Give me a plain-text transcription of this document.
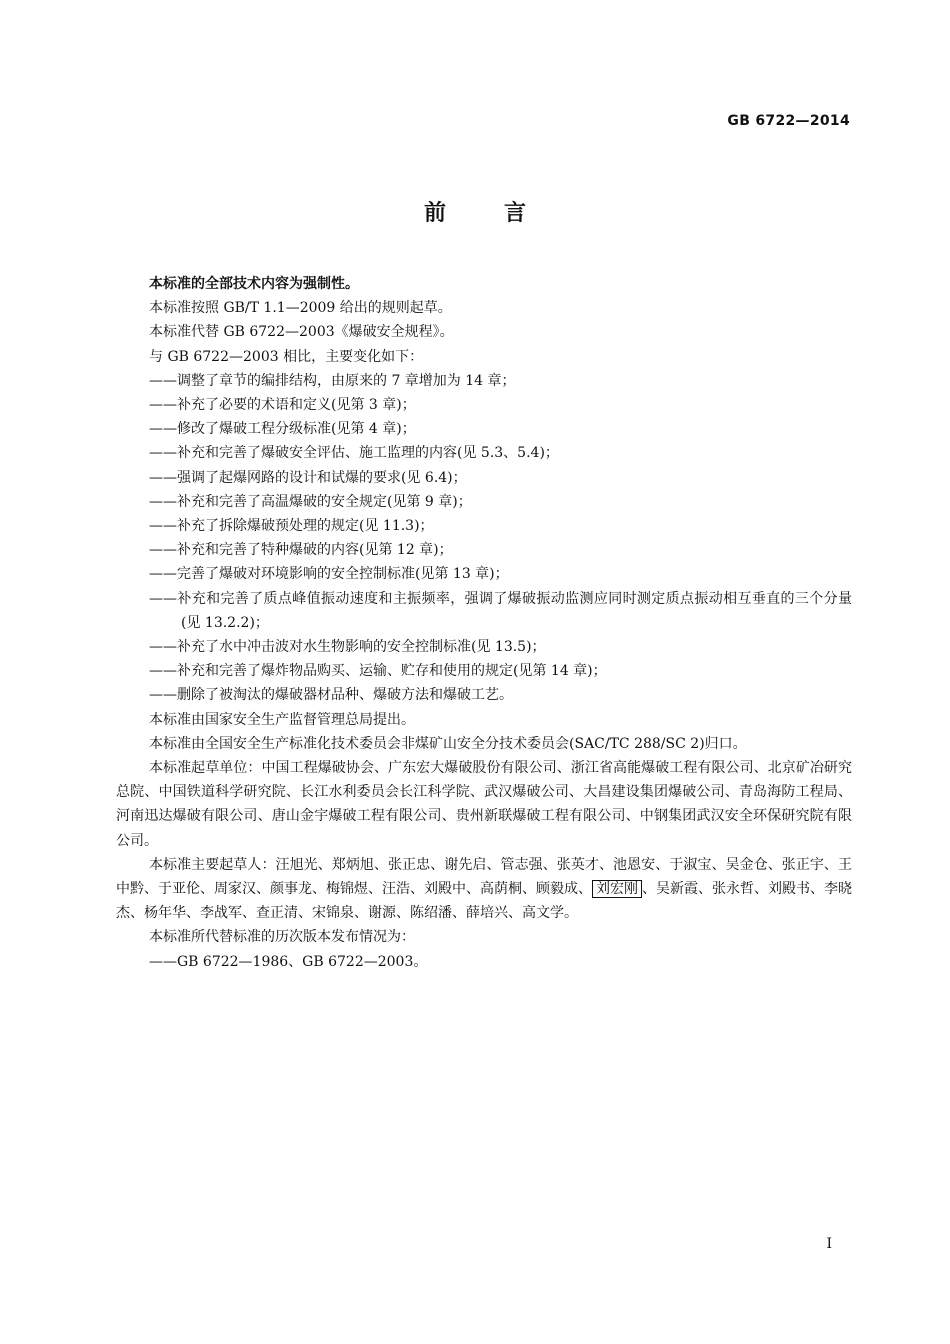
GB 6722—2014
前	言
本标准的全部技术内容为强制性。
本标准按照 GB/T 1.1—2009 给出的规则起草。
本标准代替 GB 6722—2003《爆破安全规程》。
与 GB 6722—2003 相比，主要变化如下：
——调整了章节的编排结构，由原来的 7 章增加为 14 章；
——补充了必要的术语和定义(见第 3 章)；
——修改了爆破工程分级标准(见第 4 章)；
——补充和完善了爆破安全评估、施工监理的内容(见 5.3、5.4)；
——强调了起爆网路的设计和试爆的要求(见 6.4)；
——补充和完善了高温爆破的安全规定(见第 9 章)；
——补充了拆除爆破预处理的规定(见 11.3)；
——补充和完善了特种爆破的内容(见第 12 章)；
——完善了爆破对环境影响的安全控制标准(见第 13 章)；
——补充和完善了质点峰值振动速度和主振频率，强调了爆破振动监测应同时测定质点振动相互垂直的三个分量(见 13.2.2)；
——补充了水中冲击波对水生物影响的安全控制标准(见 13.5)；
——补充和完善了爆炸物品购买、运输、贮存和使用的规定(见第 14 章)；
——删除了被淘汰的爆破器材品种、爆破方法和爆破工艺。
本标准由国家安全生产监督管理总局提出。
本标准由全国安全生产标准化技术委员会非煤矿山安全分技术委员会(SAC/TC 288/SC 2)归口。
本标准起草单位：中国工程爆破协会、广东宏大爆破股份有限公司、浙江省高能爆破工程有限公司、北京矿冶研究总院、中国铁道科学研究院、长江水利委员会长江科学院、武汉爆破公司、大昌建设集团爆破公司、青岛海防工程局、河南迅达爆破有限公司、唐山金宇爆破工程有限公司、贵州新联爆破工程有限公司、中钢集团武汉安全环保研究院有限公司。
本标准主要起草人：汪旭光、郑炳旭、张正忠、谢先启、管志强、张英才、池恩安、于淑宝、吴金仓、张正宇、王中黔、于亚伦、周家汉、颜事龙、梅锦煜、汪浩、刘殿中、高荫桐、顾毅成、 刘宏刚 、吴新霞、张永哲、刘殿书、李晓杰、杨年华、李战军、查正清、宋锦泉、谢源、陈绍潘、薛培兴、高文学。
本标准所代替标准的历次版本发布情况为：
——GB 6722—1986、GB 6722—2003。
I
